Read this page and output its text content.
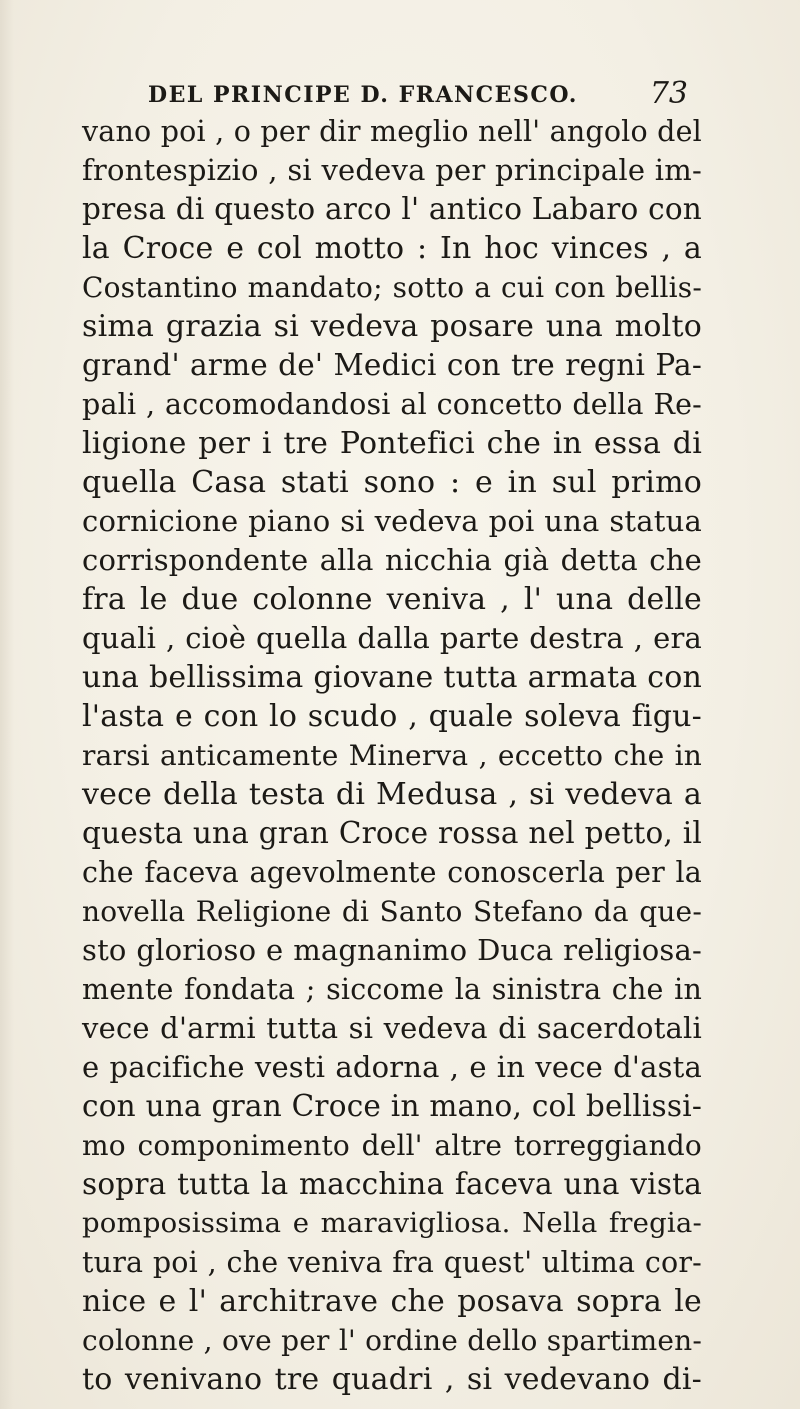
DEL PRINCIPE D. FRANCESCO. 73
vano poi , o per dir meglio nell' angolo del
frontespizio , si vedeva per principale im-
presa di questo arco l' antico Labaro con
la Croce e col motto : In hoc vinces , a
Costantino mandato; sotto a cui con bellis-
sima grazia si vedeva posare una molto
grand' arme de' Medici con tre regni Pa-
pali , accomodandosi al concetto della Re-
ligione per i tre Pontefici che in essa di
quella Casa stati sono : e in sul primo
cornicione piano si vedeva poi una statua
corrispondente alla nicchia già detta che
fra le due colonne veniva , l' una delle
quali , cioè quella dalla parte destra , era
una bellissima giovane tutta armata con
l'asta e con lo scudo , quale soleva figu-
rarsi anticamente Minerva , eccetto che in
vece della testa di Medusa , si vedeva a
questa una gran Croce rossa nel petto, il
che faceva agevolmente conoscerla per la
novella Religione di Santo Stefano da que-
sto glorioso e magnanimo Duca religiosa-
mente fondata ; siccome la sinistra che in
vece d'armi tutta si vedeva di sacerdotali
e pacifiche vesti adorna , e in vece d'asta
con una gran Croce in mano, col bellissi-
mo componimento dell' altre torreggiando
sopra tutta la macchina faceva una vista
pomposissima e maravigliosa. Nella fregia-
tura poi , che veniva fra quest' ultima cor-
nice e l' architrave che posava sopra le
colonne , ove per l' ordine dello spartimen-
to venivano tre quadri , si vedevano di-
